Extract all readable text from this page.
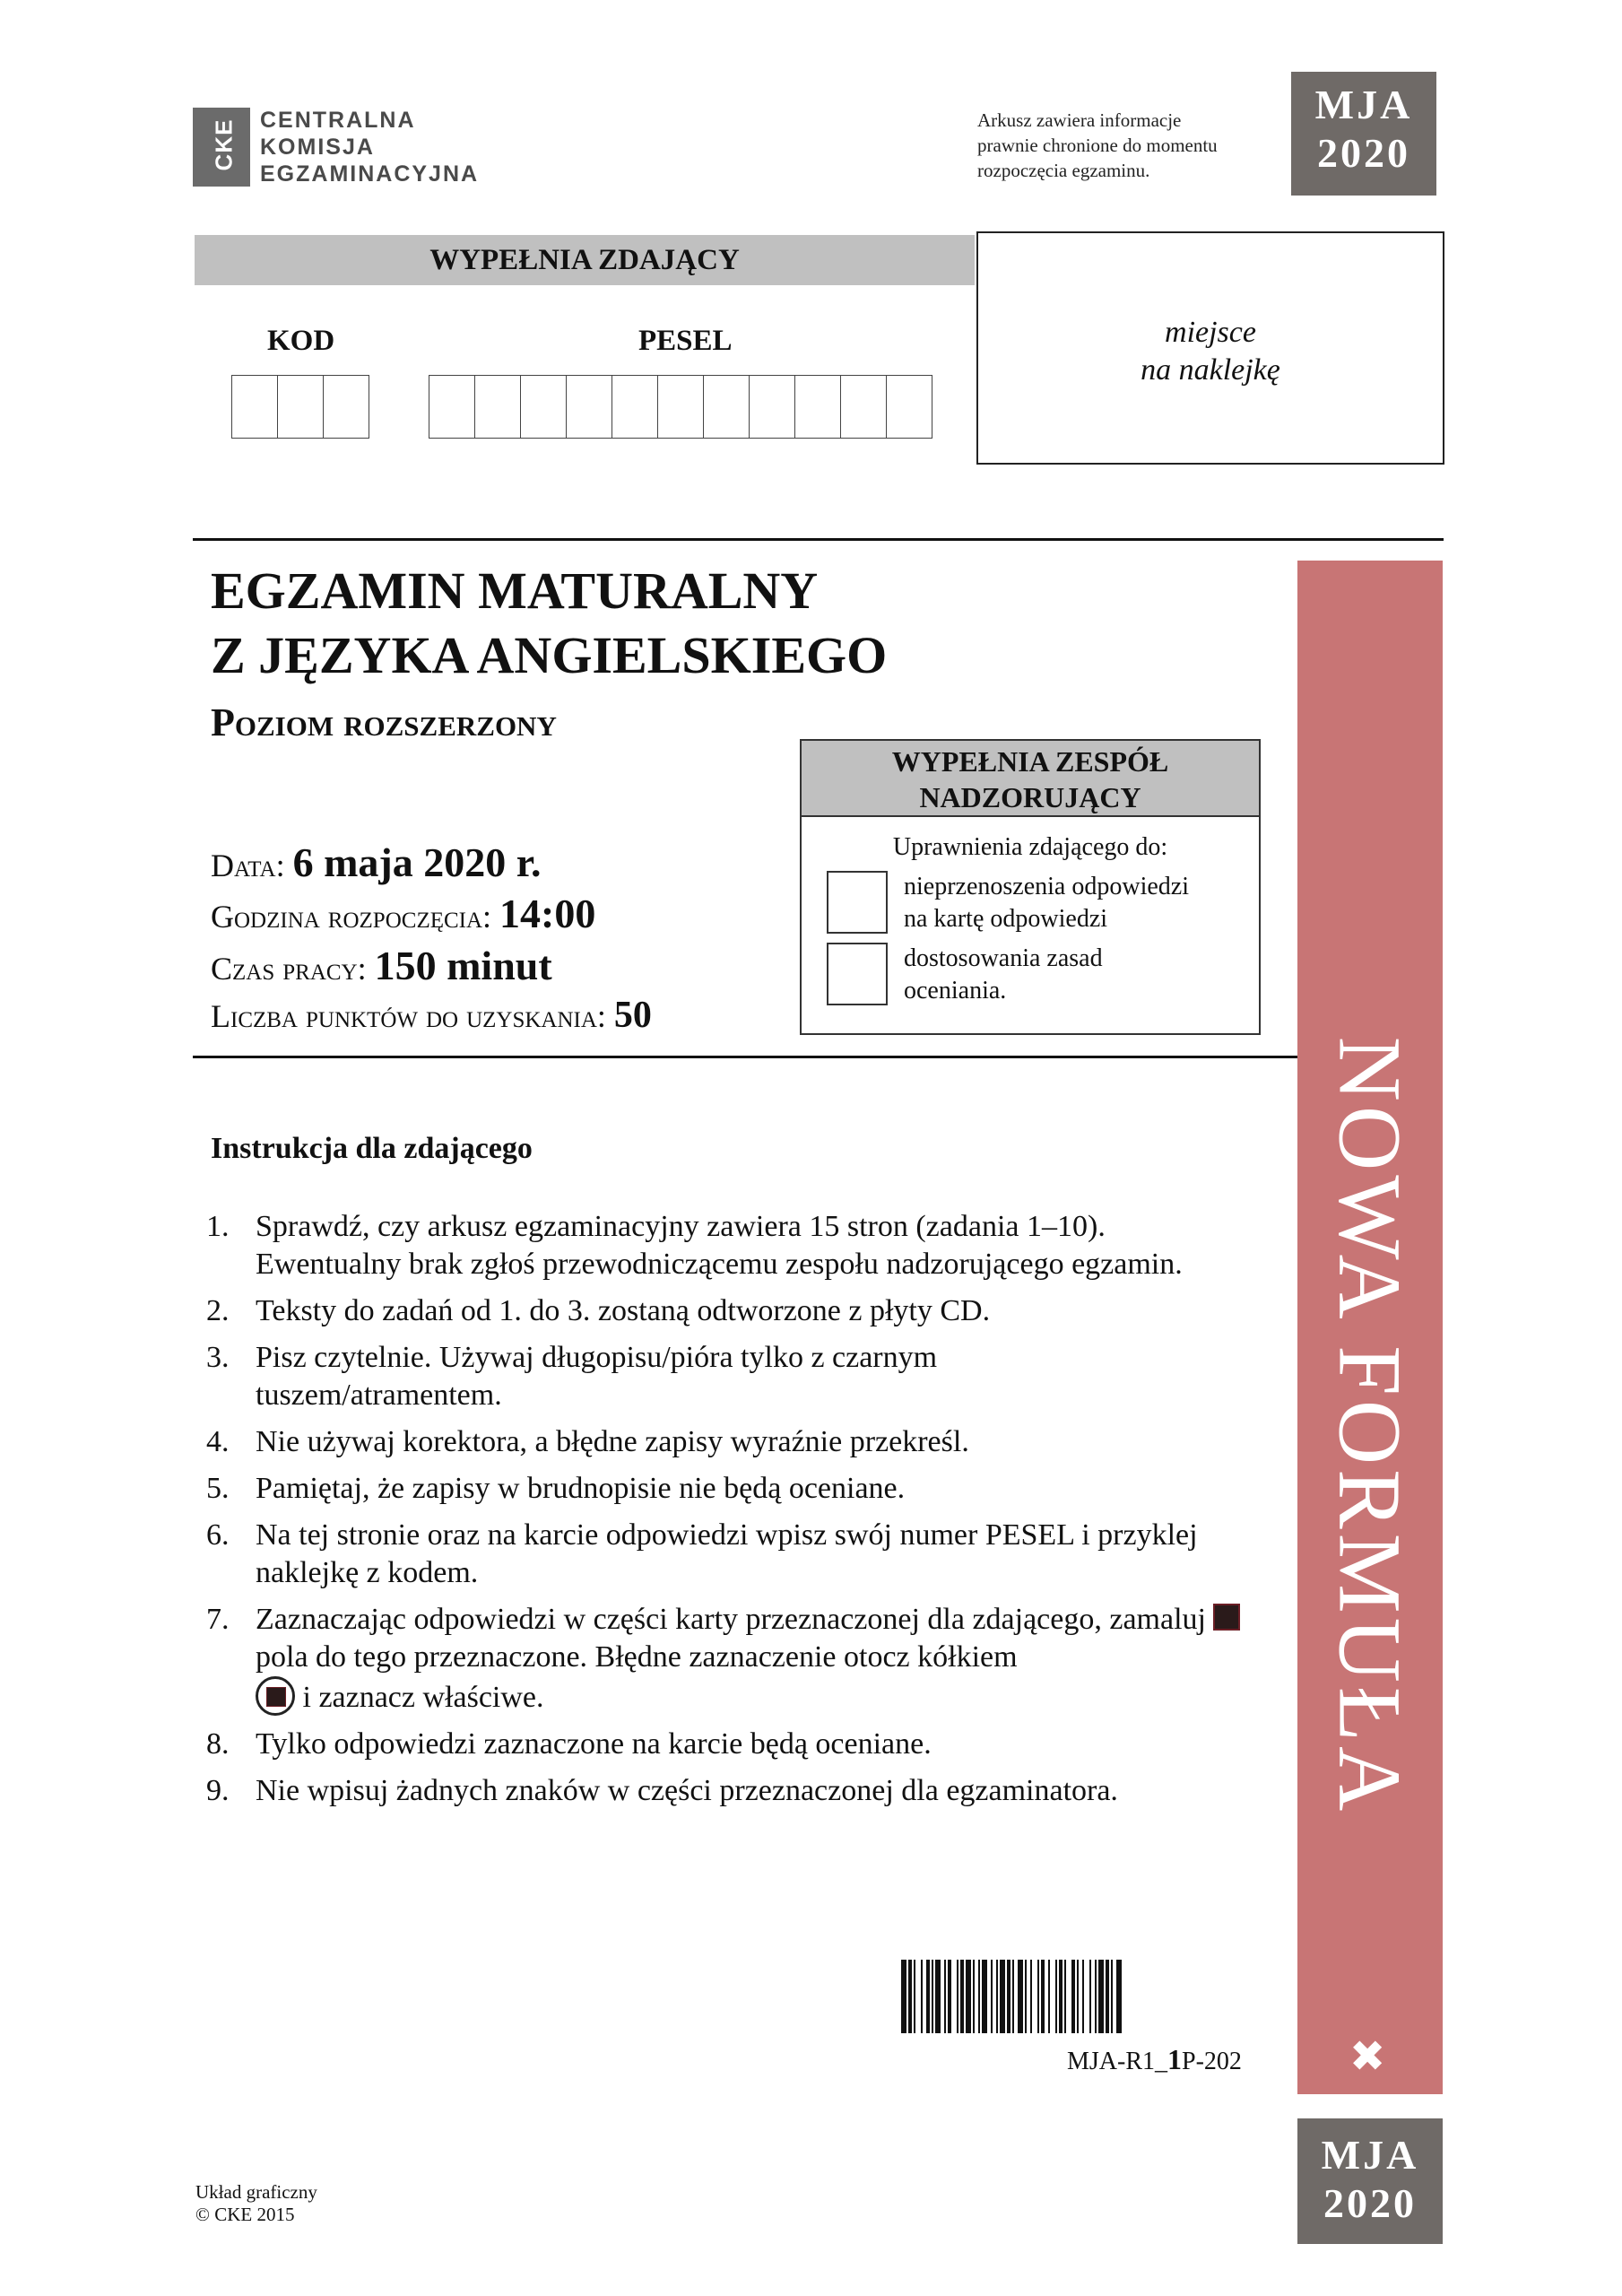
CKE CENTRALNA
KOMISJA
EGZAMINACYJNA
Arkusz zawiera informacje
prawnie chronione do momentu
rozpoczęcia egzaminu.
MJA
2020
WYPEŁNIA ZDAJĄCY
KOD	PESEL	miejsce
na naklejkę
EGZAMIN MATURALNY
Z JĘZYKA ANGIELSKIEGO
Poziom rozszerzony
WYPEŁNIA ZESPÓŁ
NADZORUJĄCY
Uprawnienia zdającego do:
nieprzenoszenia odpowiedzi
na kartę odpowiedzi
dostosowania zasad
oceniania.
Data: 6 maja 2020 r.
Godzina rozpoczęcia: 14:00
Czas pracy: 150 minut
Liczba punktów do uzyskania: 50
Instrukcja dla zdającego
1. Sprawdź, czy arkusz egzaminacyjny zawiera 15 stron (zadania 1–10). Ewentualny brak zgłoś przewodniczącemu zespołu nadzorującego egzamin.
2. Teksty do zadań od 1. do 3. zostaną odtworzone z płyty CD.
3. Pisz czytelnie. Używaj długopisu/pióra tylko z czarnym tuszem/atramentem.
4. Nie używaj korektora, a błędne zapisy wyraźnie przekreśl.
5. Pamiętaj, że zapisy w brudnopisie nie będą oceniane.
6. Na tej stronie oraz na karcie odpowiedzi wpisz swój numer PESEL i przyklej naklejkę z kodem.
7. Zaznaczając odpowiedzi w części karty przeznaczonej dla zdającego, zamaluj  pola do tego przeznaczone. Błędne zaznaczenie otocz kółkiem
i zaznacz właściwe.
8. Tylko odpowiedzi zaznaczone na karcie będą oceniane.
9. Nie wpisuj żadnych znaków w części przeznaczonej dla egzaminatora.	NOWA FORMUŁA
✖
MJA-R1_1P-202
MJA
2020
Układ graficzny
© CKE 2015
